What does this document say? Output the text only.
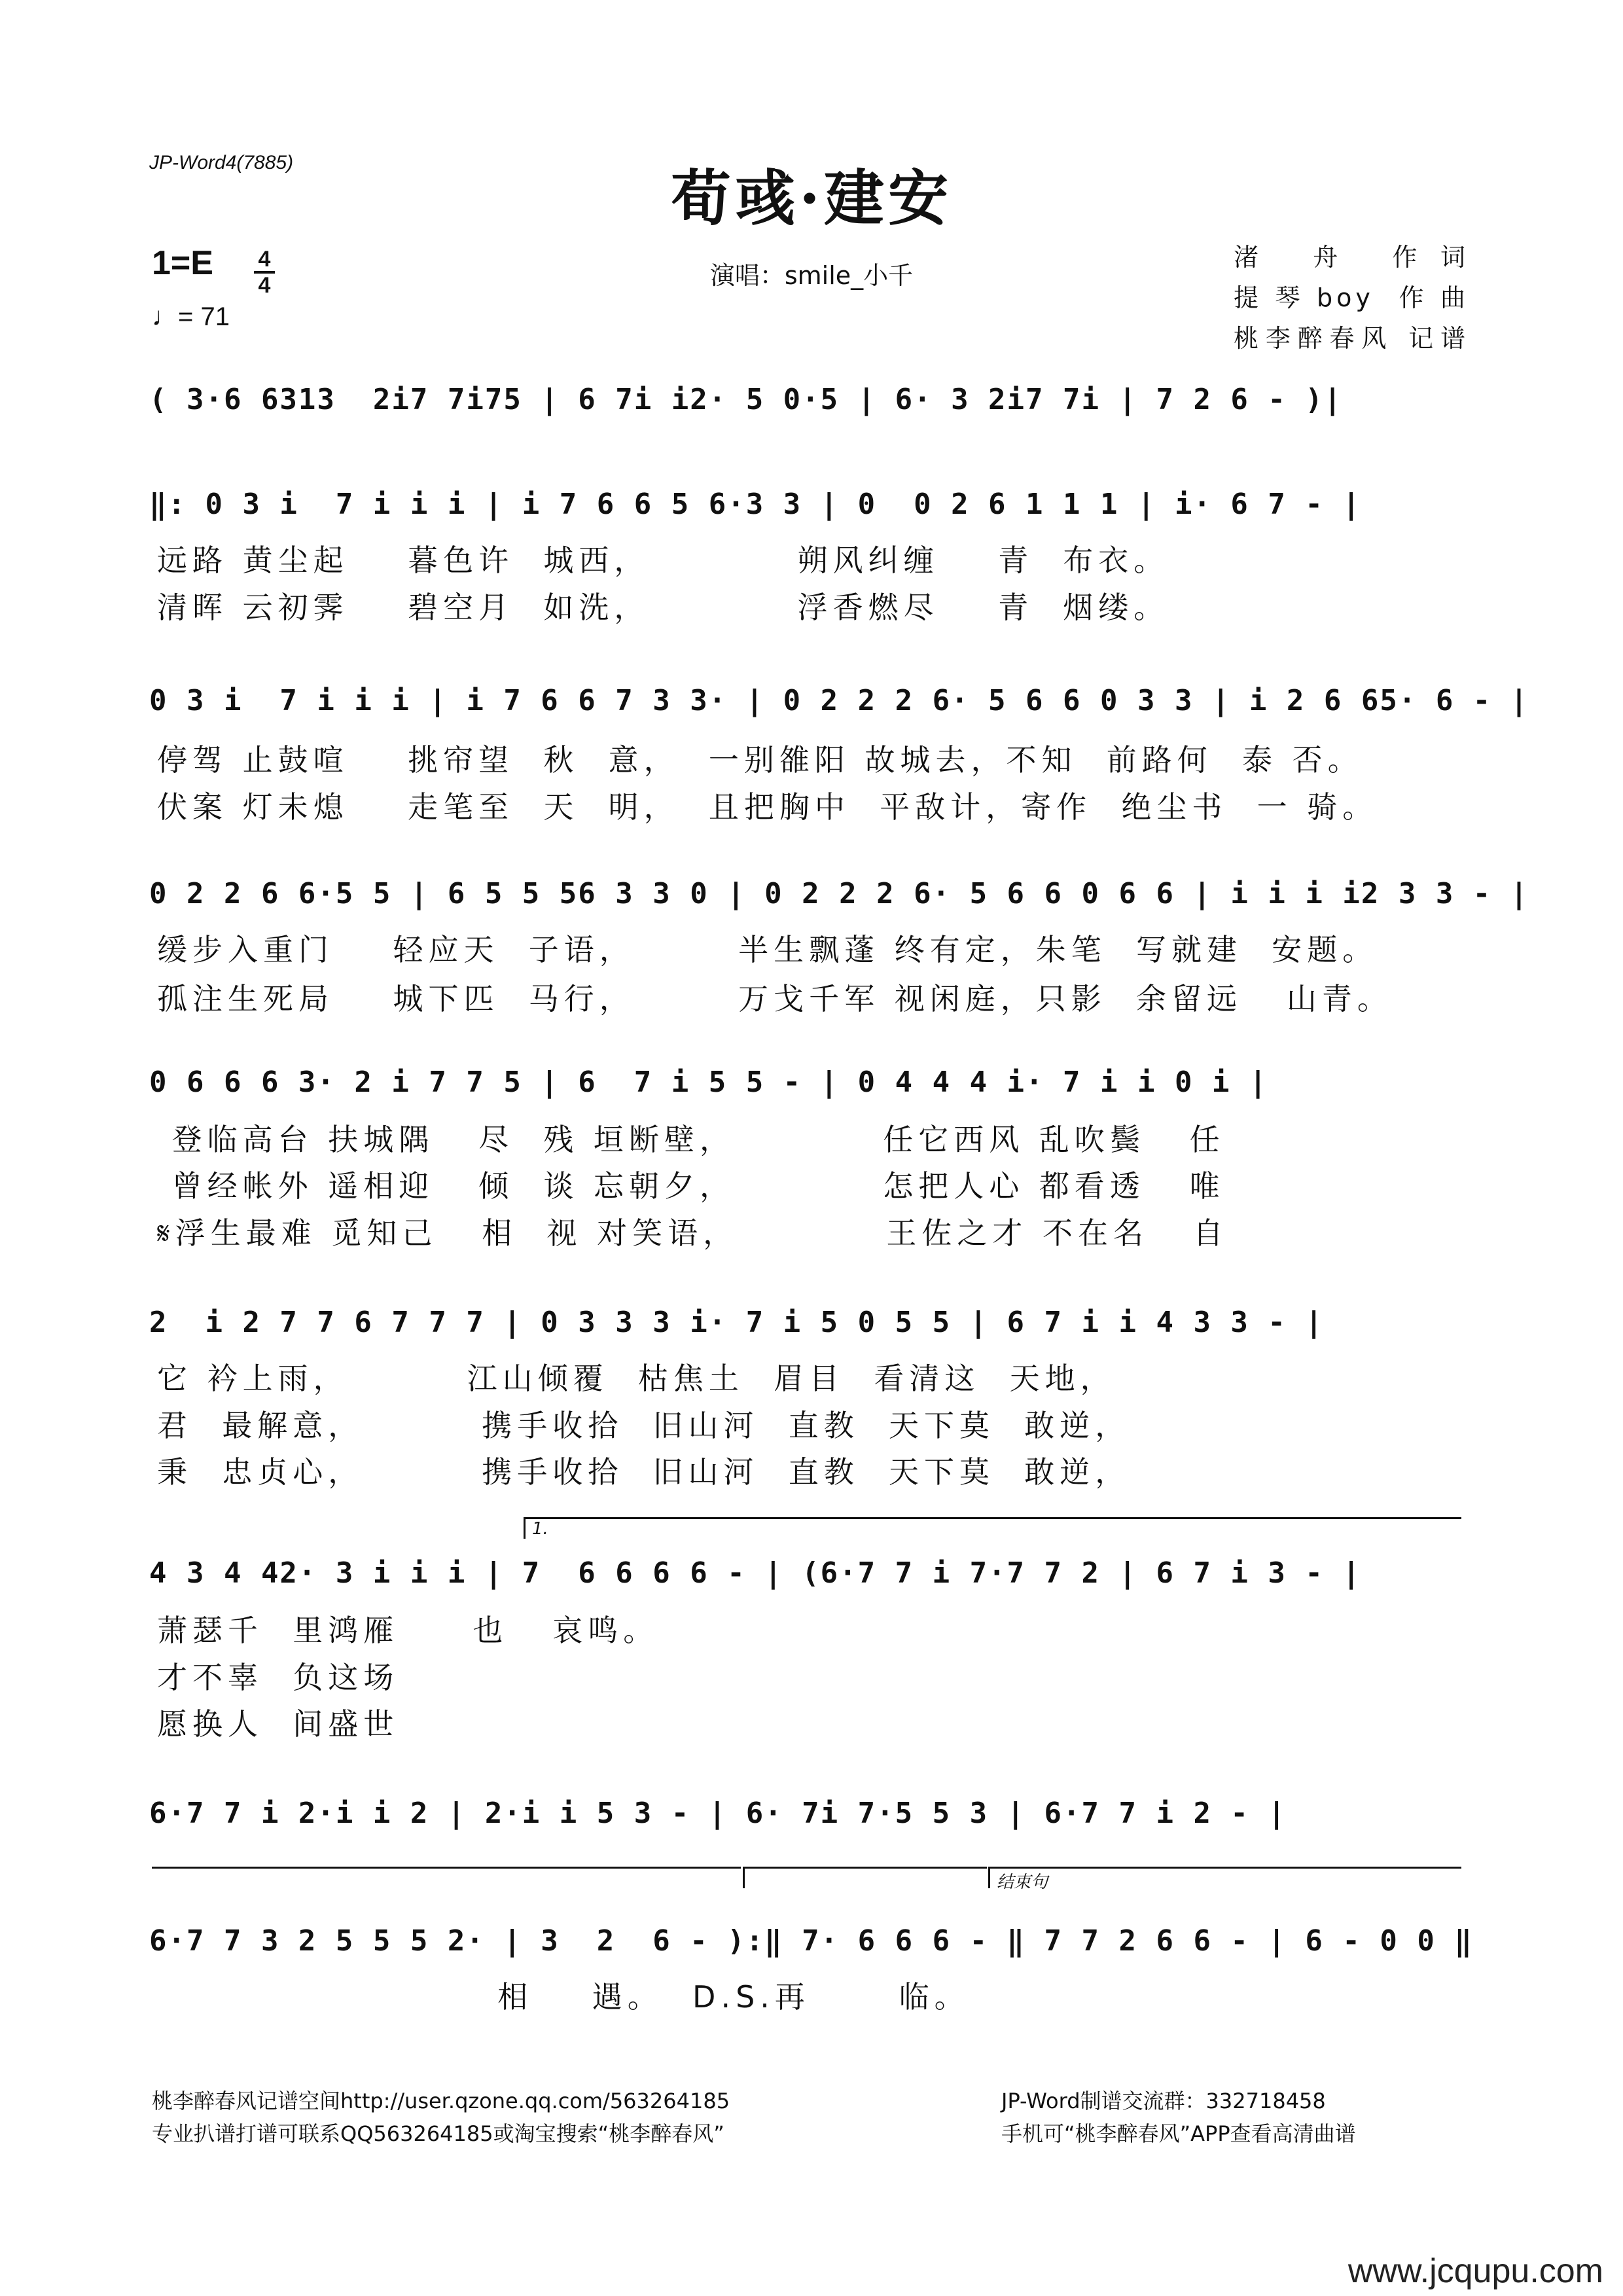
JP-Word4(7885)
荀彧·建安
1=E	4
4
♩= 71
演唱：smile_小千
渚 舟 作词
提琴boy 作曲
桃李醉春风 记谱
( 3·6 6313  2i7 7i75 | 6 7i i2· 5 0·5 | 6· 3 2i7 7i | 7 2 6 - )|
‖: 0 3 i  7 i i i | i 7 6 6 5 6·3 3 | 0  0 2 6 1 1 1 | i· 6 7 - |
远路 黄尘起    暮色许  城西，          朔风纠缠    青  布衣。
清晖 云初霁    碧空月  如洗，          浮香燃尽    青  烟缕。
0 3 i  7 i i i | i 7 6 6 7 3 3· | 0 2 2 2 6· 5 6 6 0 3 3 | i 2 6 65· 6 - |
停驾 止鼓喧    挑帘望  秋  意，  一别雒阳 故城去，不知  前路何  泰 否。
伏案 灯未熄    走笔至  天  明，  且把胸中  平敌计，寄作  绝尘书  一 骑。
0 2 2 6 6·5 5 | 6 5 5 56 3 3 0 | 0 2 2 2 6· 5 6 6 0 6 6 | i i i i2 3 3 - |
缓步入重门    轻应天  子语，       半生飘蓬 终有定，朱笔  写就建  安题。
孤注生死局    城下匹  马行，       万戈千军 视闲庭，只影  余留远   山青。
0 6 6 6 3· 2 i 7 7 5 | 6  7 i 5 5 - | 0 4 4 4 i· 7 i i 0 i |
登临高台 扶城隅   尽  残 垣断壁，          任它西风 乱吹鬓   任
曾经帐外 遥相迎   倾  谈 忘朝夕，          怎把人心 都看透   唯
𝄋浮生最难 觅知己   相  视 对笑语，          王佐之才 不在名   自
2  i 2 7 7 6 7 7 7 | 0 3 3 3 i· 7 i 5 0 5 5 | 6 7 i i 4 3 3 - |
它 衿上雨，        江山倾覆  枯焦土  眉目  看清这  天地，
君  最解意，        携手收拾  旧山河  直教  天下莫  敢逆，
秉  忠贞心，        携手收拾  旧山河  直教  天下莫  敢逆，
1.
4 3 4 42· 3 i i i | 7  6 6 6 6 - | (6·7 7 i 7·7 7 2 | 6 7 i 3 - |
萧瑟千  里鸿雁     也   哀鸣。
才不辜  负这场
愿换人  间盛世
6·7 7 i 2·i i 2 | 2·i i 5 3 - | 6· 7i 7·5 5 3 | 6·7 7 i 2 - |
结束句
6·7 7 3 2 5 5 5 2· | 3  2  6 - ):‖ 7· 6 6 6 - ‖ 7 7 2 6 6 - | 6 - 0 0 ‖
相    遇。  D.S.再      临。
桃李醉春风记谱空间http://user.qzone.qq.com/563264185
专业扒谱打谱可联系QQ563264185或淘宝搜索“桃李醉春风”
JP-Word制谱交流群：332718458
手机可“桃李醉春风”APP查看高清曲谱
www.jcqupu.com
